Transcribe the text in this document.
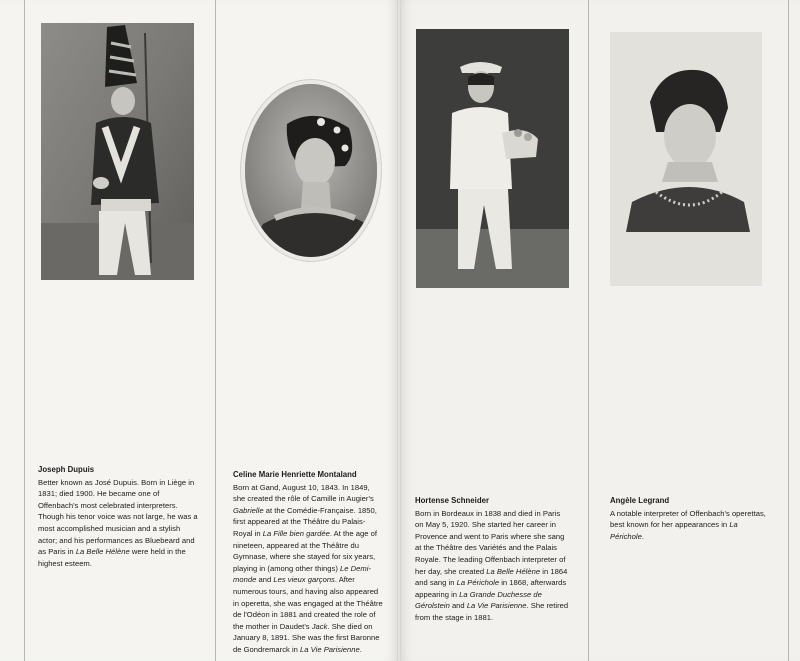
Joseph Dupuis

Better known as José Dupuis. Born in Liège in 1831; died 1900. He became one of Offenbach's most celebrated interpreters. Though his tenor voice was not large, he was a most accomplished musician and a stylish actor; and his performances as Bluebeard and as Paris in La Belle Hélène were held in the highest esteem.

Celine Marie Henriette Montaland

Born at Gand, August 10, 1843. In 1849, she created the rôle of Camille in Augier's Gabrielle at the Comédie-Française. 1850, first appeared at the Théâtre du Palais-Royal in La Fille bien gardée. At the age of nineteen, appeared at the Théâtre du Gymnase, where she stayed for six years, playing in (among other things) Le Demi-monde and Les vieux garçons. After numerous tours, and having also appeared in operetta, she was engaged at the Théâtre de l'Odéon in 1881 and created the role of the mother in Daudet's Jack. She died on January 8, 1891. She was the first Baronne de Gondremarck in La Vie Parisienne.

Hortense Schneider

Born in Bordeaux in 1838 and died in Paris on May 5, 1920. She started her career in Provence and went to Paris where she sang at the Théâtre des Variétés and the Palais Royale. The leading Offenbach interpreter of her day, she created La Belle Hélène in 1864 and sang in La Périchole in 1868, afterwards appearing in La Grande Duchesse de Gérolstein and La Vie Parisienne. She retired from the stage in 1881.

Angèle Legrand

A notable interpreter of Offenbach's operettas, best known for her appearances in La Périchole.
